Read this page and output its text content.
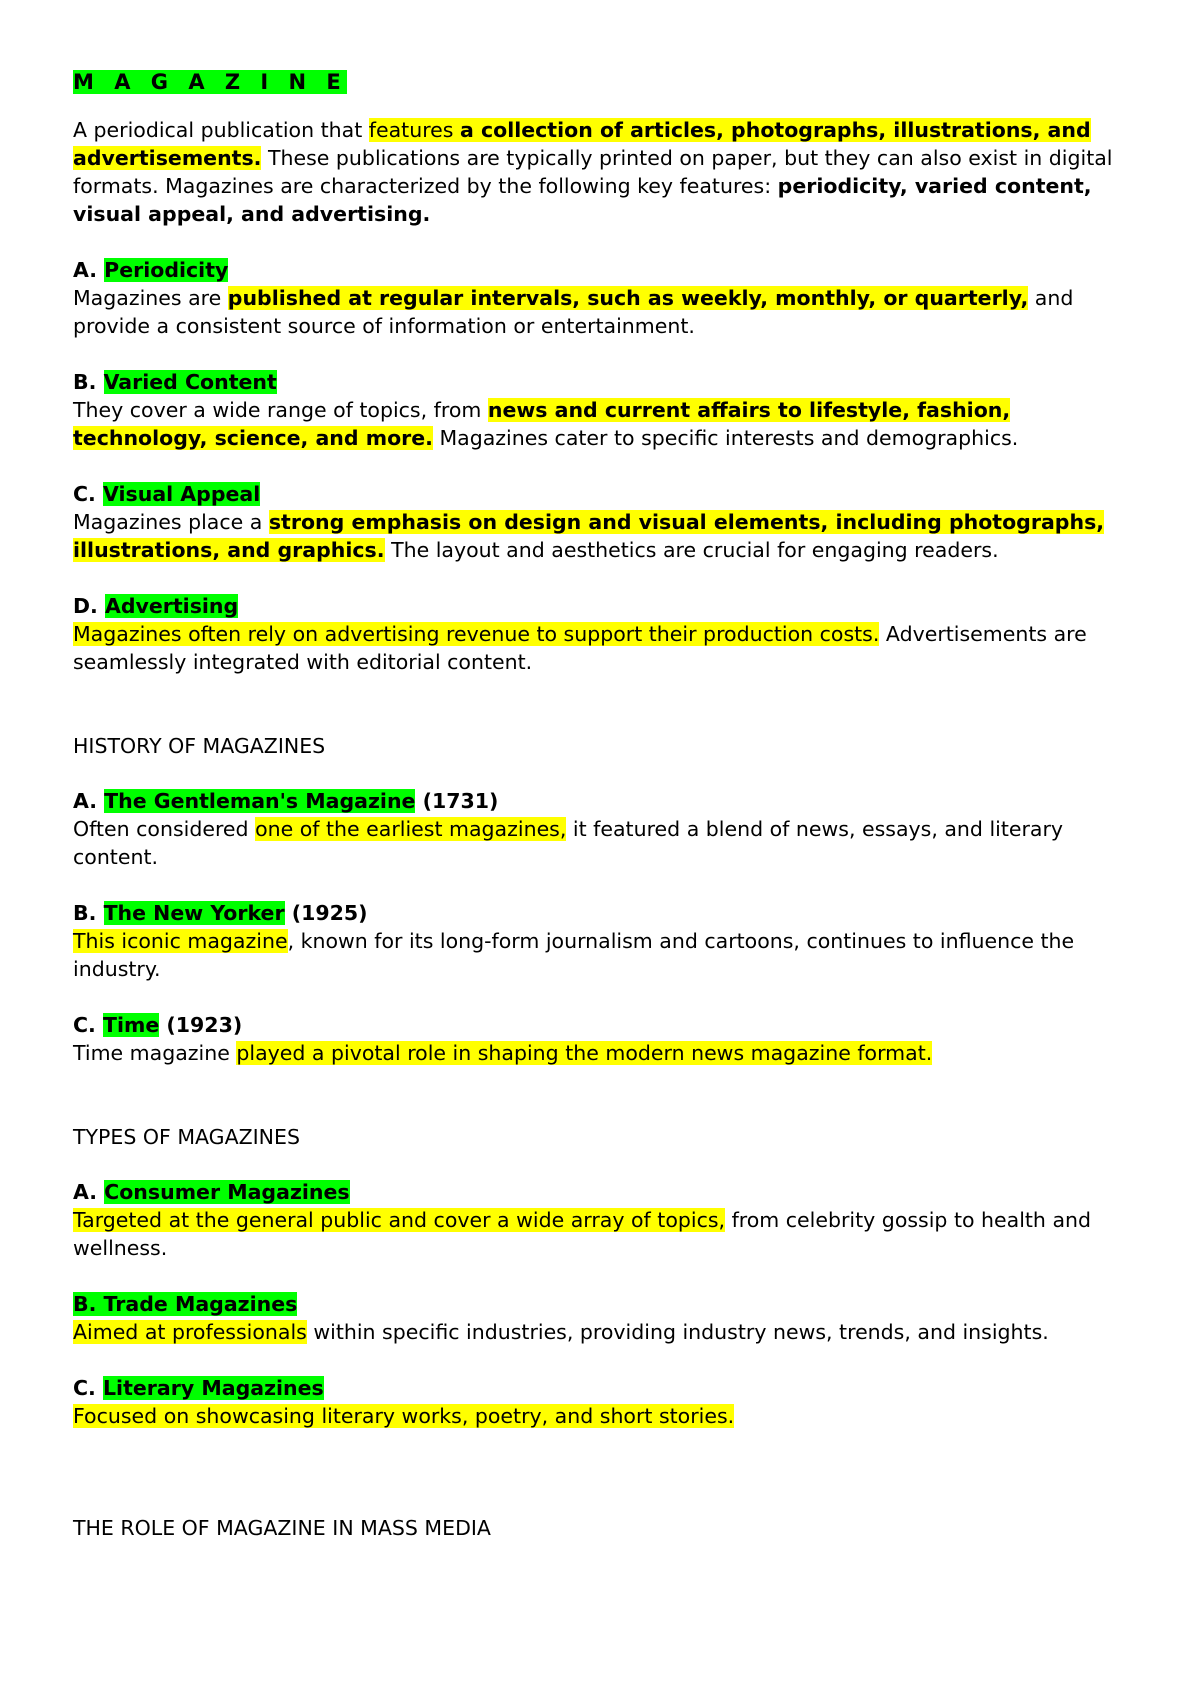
M A G A Z I N E

A periodical publication that features a collection of articles, photographs, illustrations, and advertisements. These publications are typically printed on paper, but they can also exist in digital formats. Magazines are characterized by the following key features: periodicity, varied content, visual appeal, and advertising.

A. Periodicity

Magazines are published at regular intervals, such as weekly, monthly, or quarterly, and provide a consistent source of information or entertainment.

B. Varied Content

They cover a wide range of topics, from news and current affairs to lifestyle, fashion, technology, science, and more. Magazines cater to specific interests and demographics.

C. Visual Appeal

Magazines place a strong emphasis on design and visual elements, including photographs, illustrations, and graphics. The layout and aesthetics are crucial for engaging readers.

D. Advertising

Magazines often rely on advertising revenue to support their production costs. Advertisements are seamlessly integrated with editorial content.

HISTORY OF MAGAZINES

A. The Gentleman's Magazine (1731)

Often considered one of the earliest magazines, it featured a blend of news, essays, and literary content.

B. The New Yorker (1925)

This iconic magazine, known for its long-form journalism and cartoons, continues to influence the industry.

C. Time (1923)

Time magazine played a pivotal role in shaping the modern news magazine format.

TYPES OF MAGAZINES

A. Consumer Magazines

Targeted at the general public and cover a wide array of topics, from celebrity gossip to health and wellness.

B. Trade Magazines

Aimed at professionals within specific industries, providing industry news, trends, and insights.

C. Literary Magazines

Focused on showcasing literary works, poetry, and short stories.

THE ROLE OF MAGAZINE IN MASS MEDIA
